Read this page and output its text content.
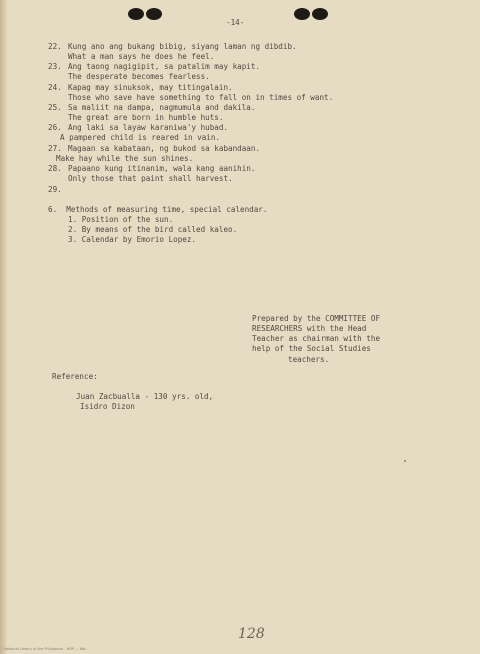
-14-
22. Kung ano ang bukang bibig, siyang laman ng dibdib.
What a man says he does he feel.
23. Ang taong nagigipit, sa patalim may kapit.
The desperate becomes fearless.
24. Kapag may sinuksok, may titingalain.
Those who save have something to fall on in times of want.
25. Sa maliit na dampa, nagmumula and dakila.
The great are born in humble huts.
26. Ang laki sa layaw karaniwa'y hubad.
A pampered child is reared in vain.
27. Magaan sa kabataan, ng bukod sa kabandaan.
Make hay while the sun shines.
28. Papaano kung itinanim, wala kang aanihin.
Only those that paint shall harvest.
29.
6.  Methods of measuring time, special calendar.
1. Position of the sun.
2. By means of the bird called kaleo.
3. Calendar by Emorio Lopez.
Prepared by the COMMITTEE OF
RESEARCHERS with the Head
Teacher as chairman with the
help of the Social Studies
teachers.
Reference:
Juan Zacbualla - 130 yrs. old,
Isidro Dizon
128
National Library of the Philippines . HDP ... Nat
